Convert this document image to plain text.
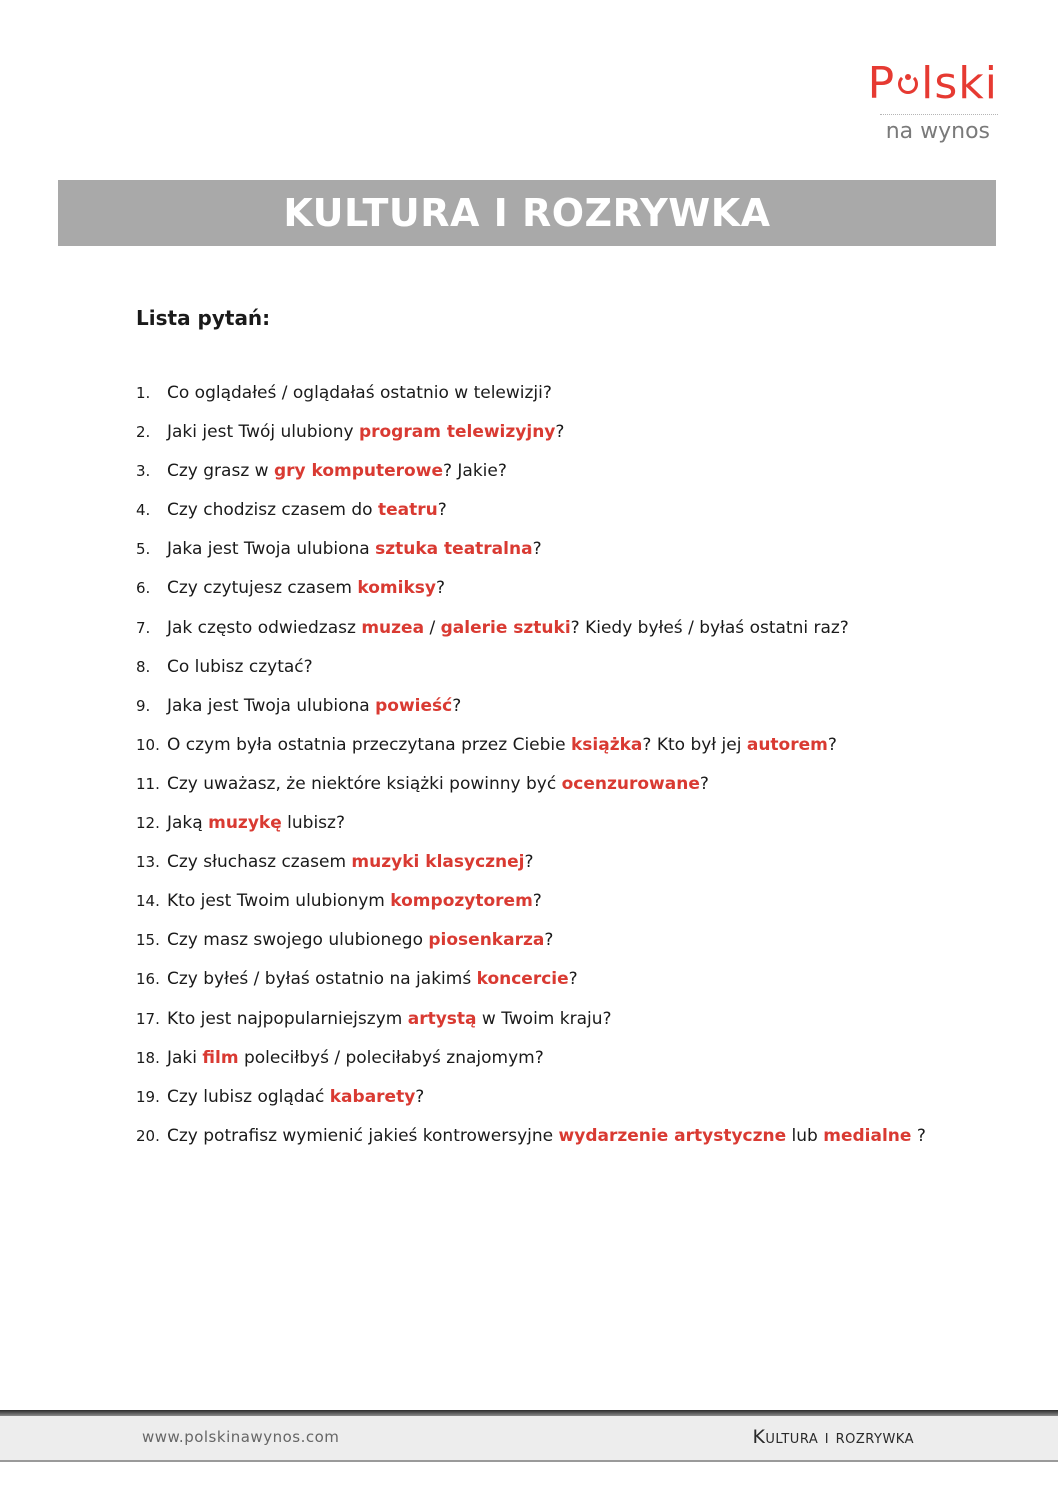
P lski
na wynos
KULTURA I ROZRYWKA
Lista pytań:
1. Co oglądałeś / oglądałaś ostatnio w telewizji?
2. Jaki jest Twój ulubiony program telewizyjny?
3. Czy grasz w gry komputerowe? Jakie?
4. Czy chodzisz czasem do teatru?
5. Jaka jest Twoja ulubiona sztuka teatralna?
6. Czy czytujesz czasem komiksy?
7. Jak często odwiedzasz muzea / galerie sztuki? Kiedy byłeś / byłaś ostatni raz?
8. Co lubisz czytać?
9. Jaka jest Twoja ulubiona powieść?
10. O czym była ostatnia przeczytana przez Ciebie książka? Kto był jej autorem?
11. Czy uważasz, że niektóre książki powinny być ocenzurowane?
12. Jaką muzykę lubisz?
13. Czy słuchasz czasem muzyki klasycznej?
14. Kto jest Twoim ulubionym kompozytorem?
15. Czy masz swojego ulubionego piosenkarza?
16. Czy byłeś / byłaś ostatnio na jakimś koncercie?
17. Kto jest najpopularniejszym artystą w Twoim kraju?
18. Jaki film poleciłbyś / poleciłabyś znajomym?
19. Czy lubisz oglądać kabarety?
20. Czy potrafisz wymienić jakieś kontrowersyjne wydarzenie artystyczne lub medialne ?
www.polskinawynos.com	Kultura i rozrywka
